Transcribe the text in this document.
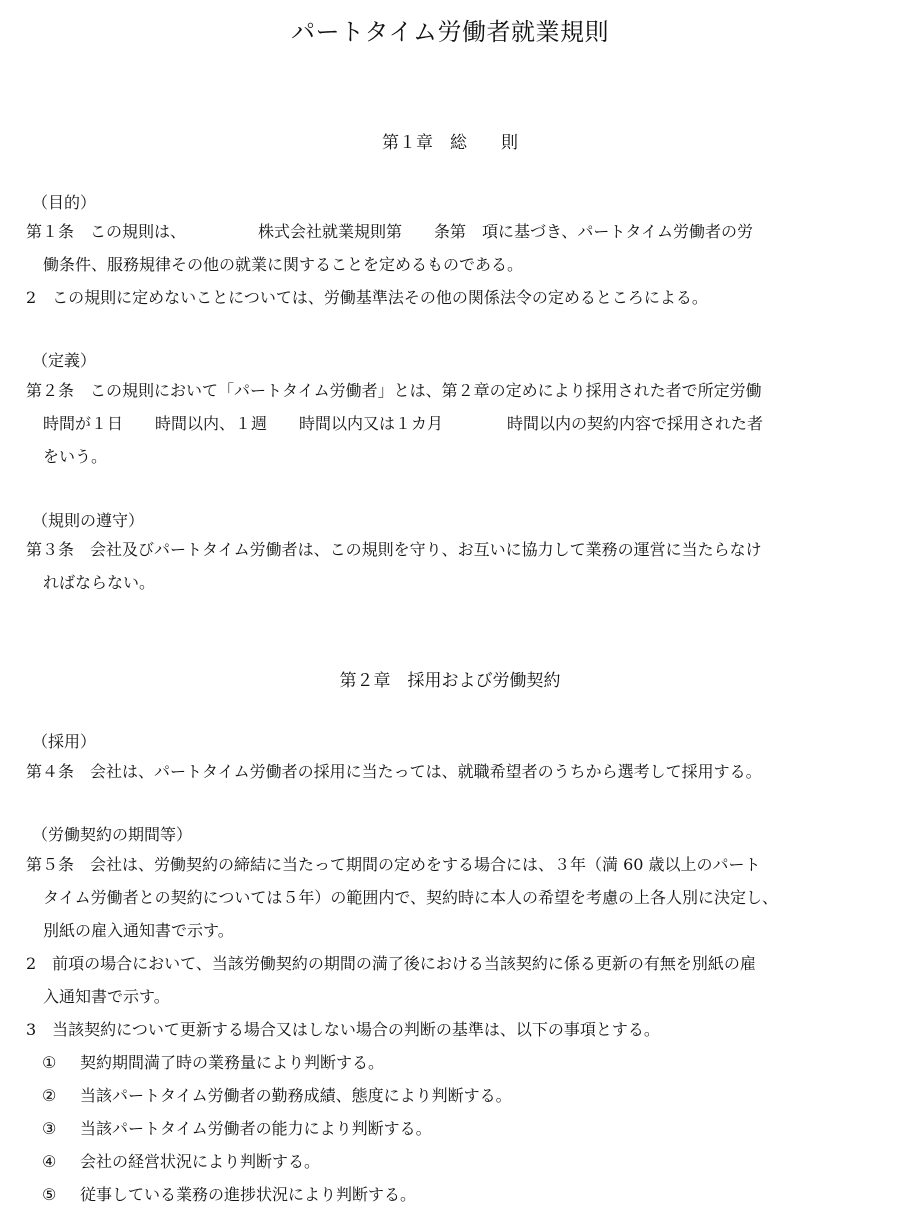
パートタイム労働者就業規則
第１章　総　　則
（目的）
第１条　この規則は、　　　　　株式会社就業規則第　　条第　項に基づき、パートタイム労働者の労
働条件、服務規律その他の就業に関することを定めるものである。
2　この規則に定めないことについては、労働基準法その他の関係法令の定めるところによる。
（定義）
第２条　この規則において「パートタイム労働者」とは、第２章の定めにより採用された者で所定労働
時間が１日　　時間以内、１週　　時間以内又は１カ月　　　　時間以内の契約内容で採用された者
をいう。
（規則の遵守）
第３条　会社及びパートタイム労働者は、この規則を守り、お互いに協力して業務の運営に当たらなけ
ればならない。
第２章　採用および労働契約
（採用）
第４条　会社は、パートタイム労働者の採用に当たっては、就職希望者のうちから選考して採用する。
（労働契約の期間等）
第５条　会社は、労働契約の締結に当たって期間の定めをする場合には、３年（満 60 歳以上のパート
タイム労働者との契約については５年）の範囲内で、契約時に本人の希望を考慮の上各人別に決定し、
別紙の雇入通知書で示す。
2　前項の場合において、当該労働契約の期間の満了後における当該契約に係る更新の有無を別紙の雇
入通知書で示す。
3　当該契約について更新する場合又はしない場合の判断の基準は、以下の事項とする。
① 契約期間満了時の業務量により判断する。
② 当該パートタイム労働者の勤務成績、態度により判断する。
③ 当該パートタイム労働者の能力により判断する。
④ 会社の経営状況により判断する。
⑤ 従事している業務の進捗状況により判断する。
